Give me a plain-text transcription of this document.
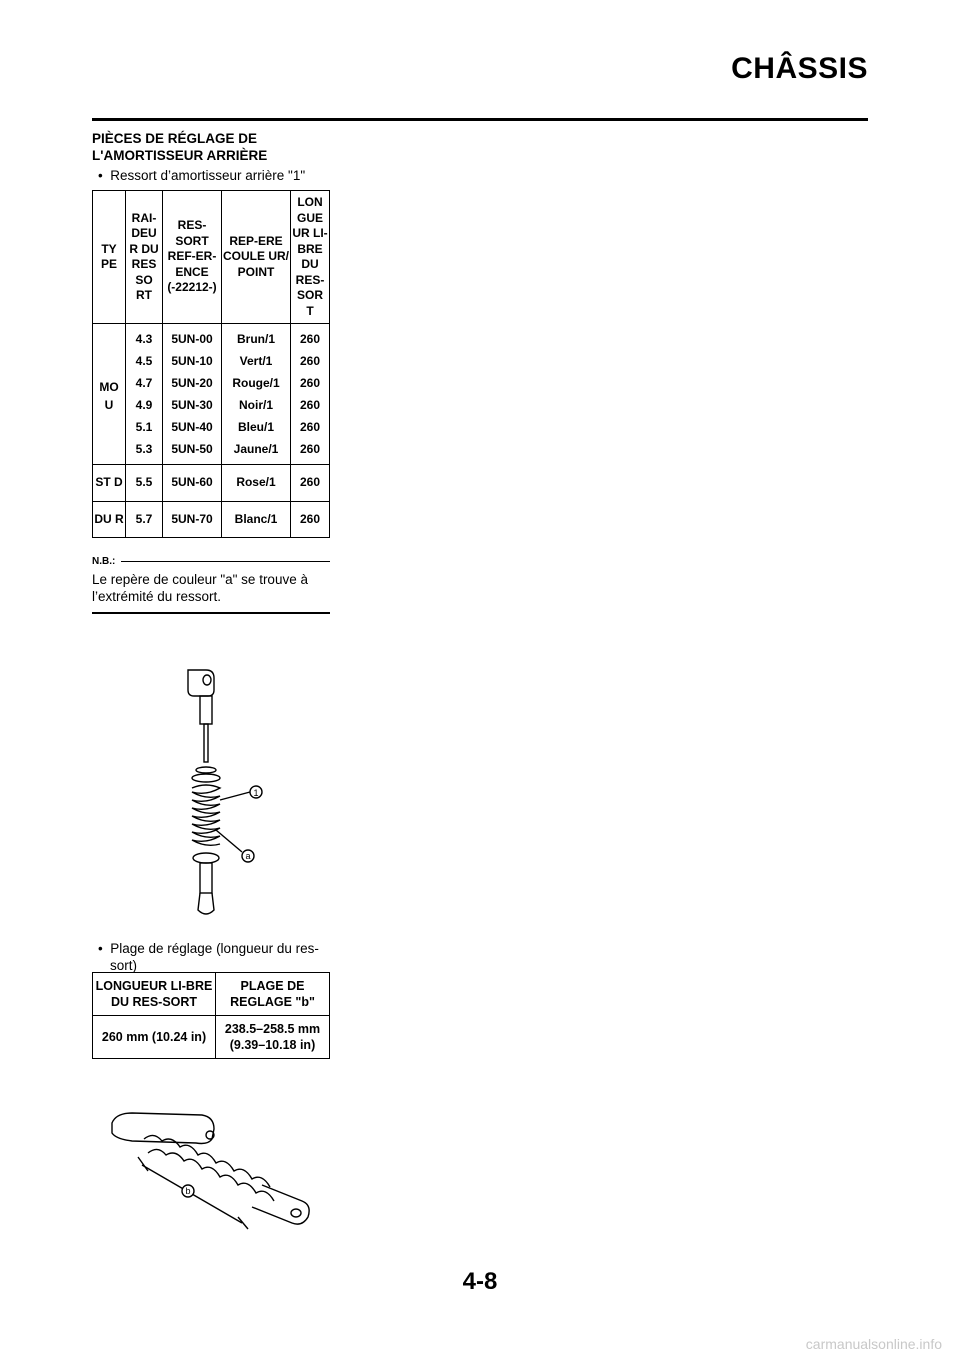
CHÂSSIS

PIÈCES DE RÉGLAGE DE

L'AMORTISSEUR ARRIÈRE

•  Ressort d’amortisseur arrière "1"

TY PE	RAI-DEU R DU RES SO RT	RES-SORT REF-ER-ENCE (-22212-)	REP-ERE COULE UR/ POINT	LON GUE UR LI-BRE DU RES-SOR T
MO U	4.3	5UN-00	Brun/1	260
	4.5	5UN-10	Vert/1	260
	4.7	5UN-20	Rouge/1	260
	4.9	5UN-30	Noir/1	260
	5.1	5UN-40	Bleu/1	260
	5.3	5UN-50	Jaune/1	260
ST D	5.5	5UN-60	Rose/1	260
DU R	5.7	5UN-70	Blanc/1	260
N.B.:

Le repère de couleur "a" se trouve à l’extrémité du ressort.

1
a

•  Plage de réglage (longueur du res-sort)

LONGUEUR LI-BRE DU RES-SORT	PLAGE DE REGLAGE "b"
260 mm (10.24 in)	238.5–258.5 mm (9.39–10.18 in)
b
4-8
carmanualsonline.info
